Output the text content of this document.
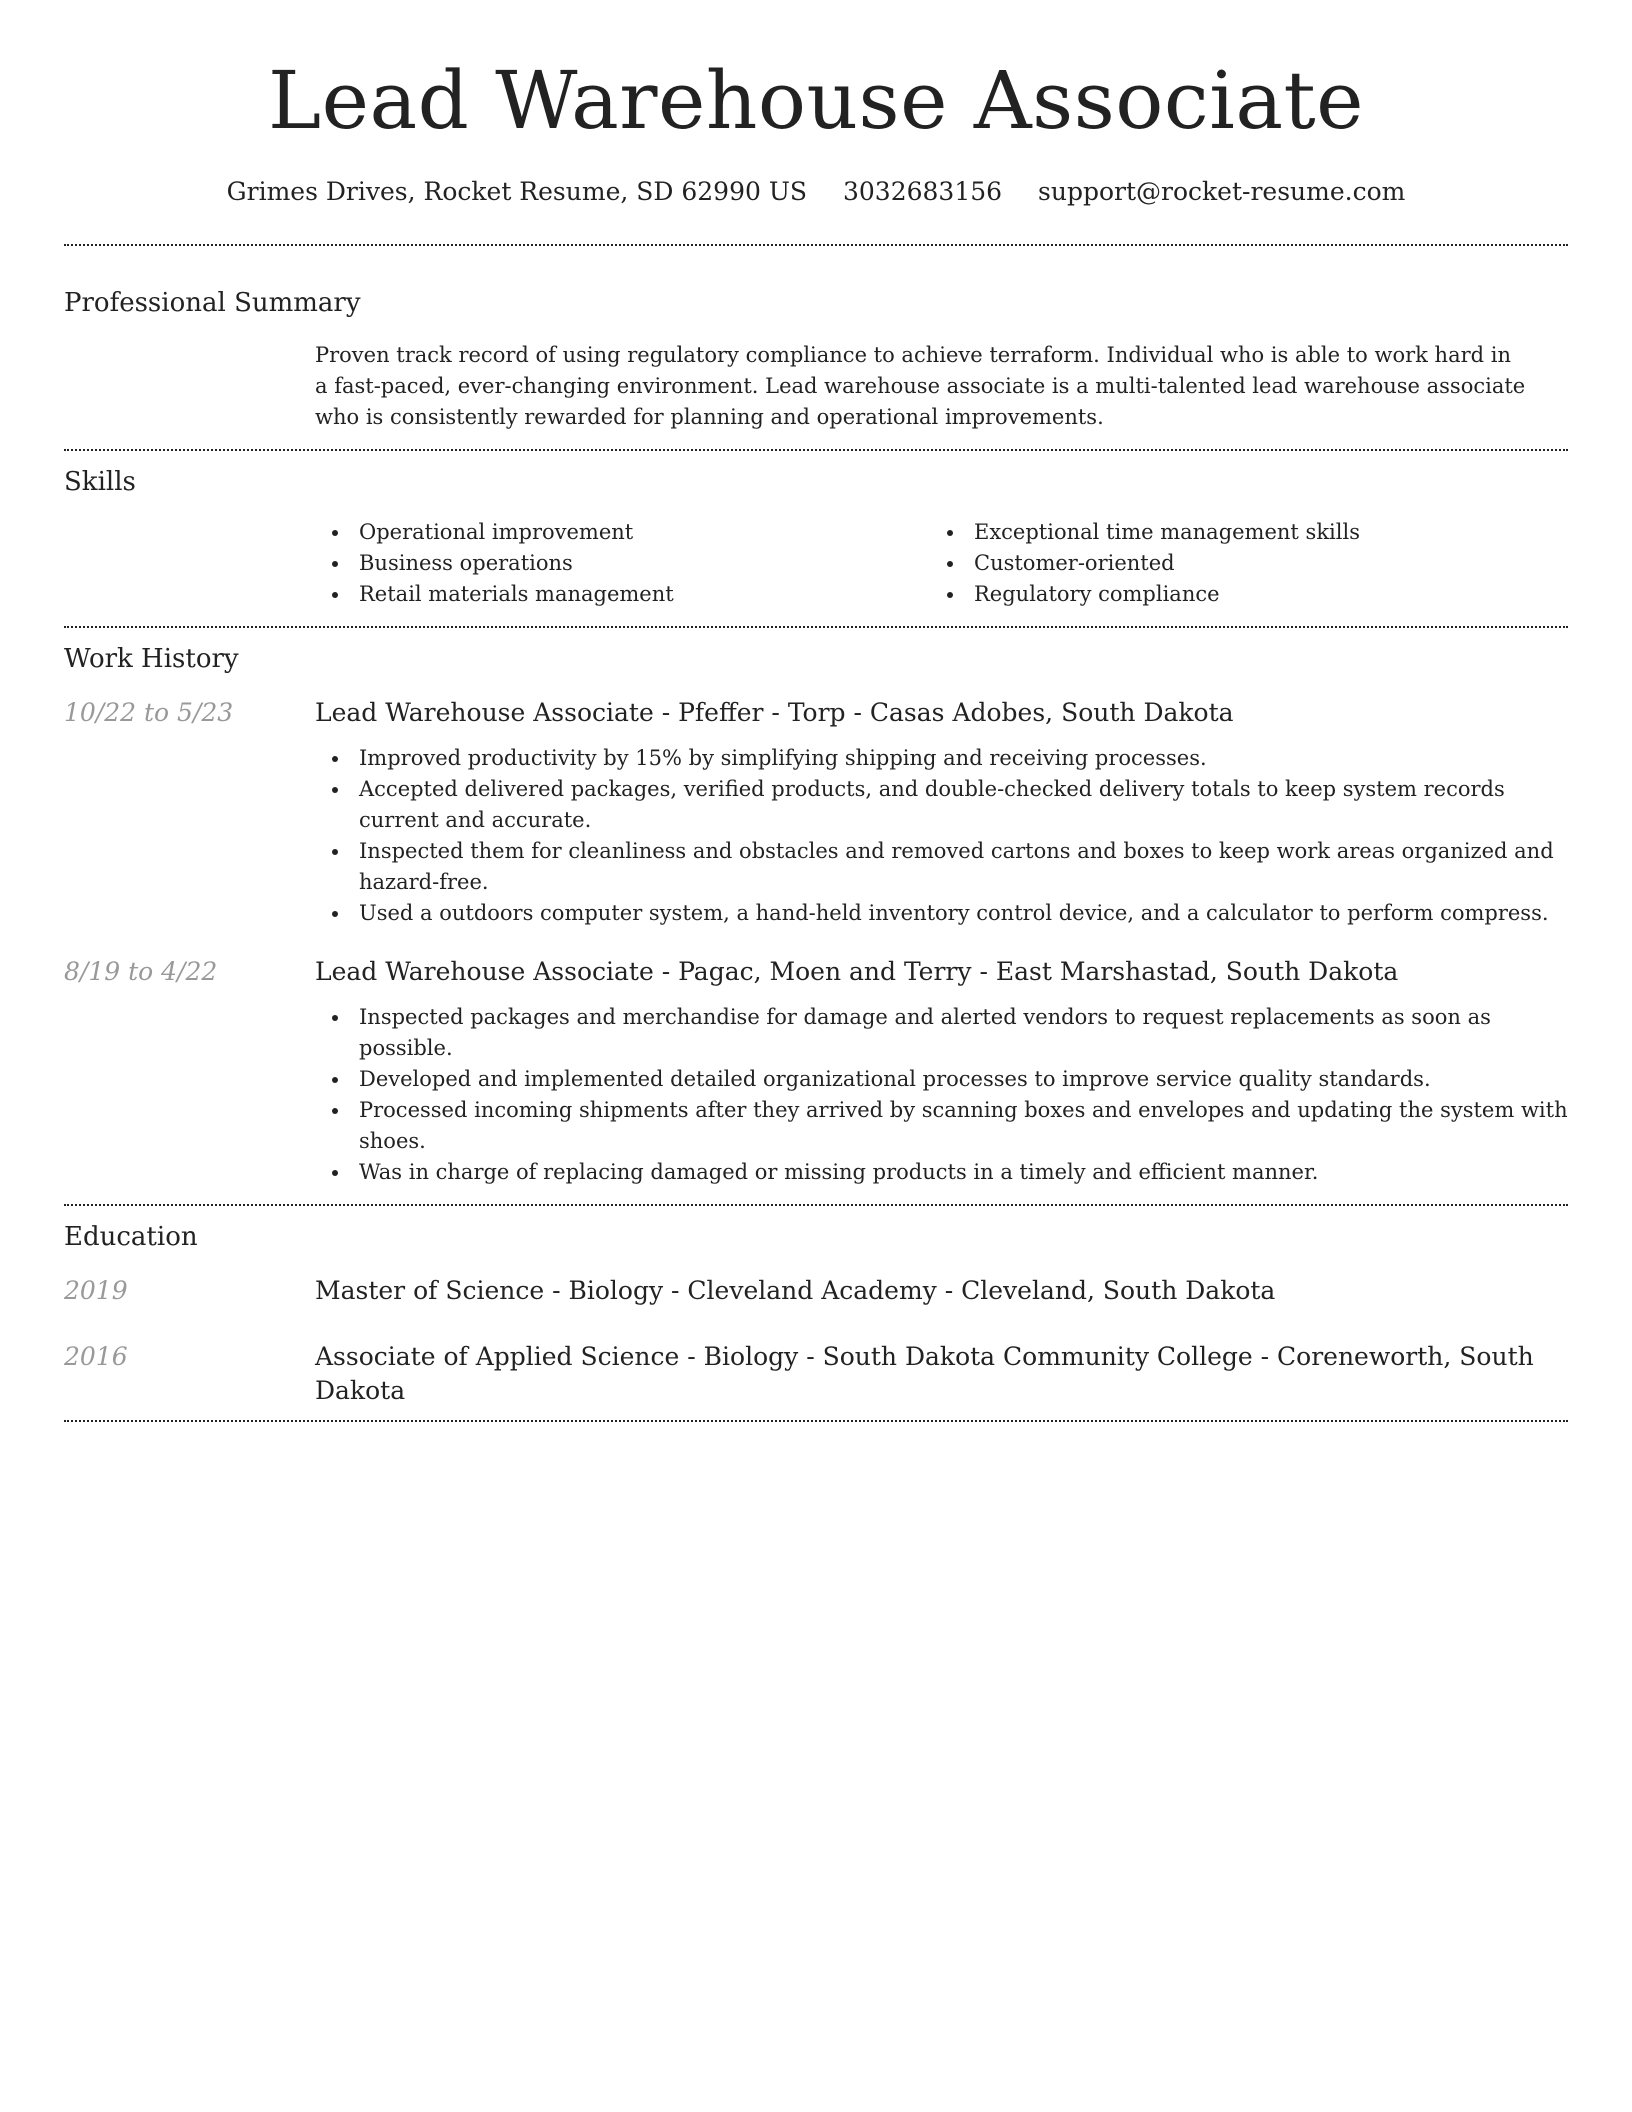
Lead Warehouse Associate
Grimes Drives, Rocket Resume, SD 62990 US 3032683156 support@rocket-resume.com
Professional Summary
Proven track record of using regulatory compliance to achieve terraform. Individual who is able to work hard in a fast-paced, ever-changing environment. Lead warehouse associate is a multi-talented lead warehouse associate who is consistently rewarded for planning and operational improvements.
Skills
Operational improvement
Business operations
Retail materials management
Exceptional time management skills
Customer-oriented
Regulatory compliance
Work History
10/22 to 5/23	Lead Warehouse Associate - Pfeffer - Torp - Casas Adobes, South Dakota
Improved productivity by 15% by simplifying shipping and receiving processes.
Accepted delivered packages, verified products, and double-checked delivery totals to keep system records current and accurate.
Inspected them for cleanliness and obstacles and removed cartons and boxes to keep work areas organized and hazard-free.
Used a outdoors computer system, a hand-held inventory control device, and a calculator to perform compress.
8/19 to 4/22	Lead Warehouse Associate - Pagac, Moen and Terry - East Marshastad, South Dakota
Inspected packages and merchandise for damage and alerted vendors to request replacements as soon as possible.
Developed and implemented detailed organizational processes to improve service quality standards.
Processed incoming shipments after they arrived by scanning boxes and envelopes and updating the system with shoes.
Was in charge of replacing damaged or missing products in a timely and efficient manner.
Education
2019	Master of Science - Biology - Cleveland Academy - Cleveland, South Dakota
2016	Associate of Applied Science - Biology - South Dakota Community College - Coreneworth, South Dakota
